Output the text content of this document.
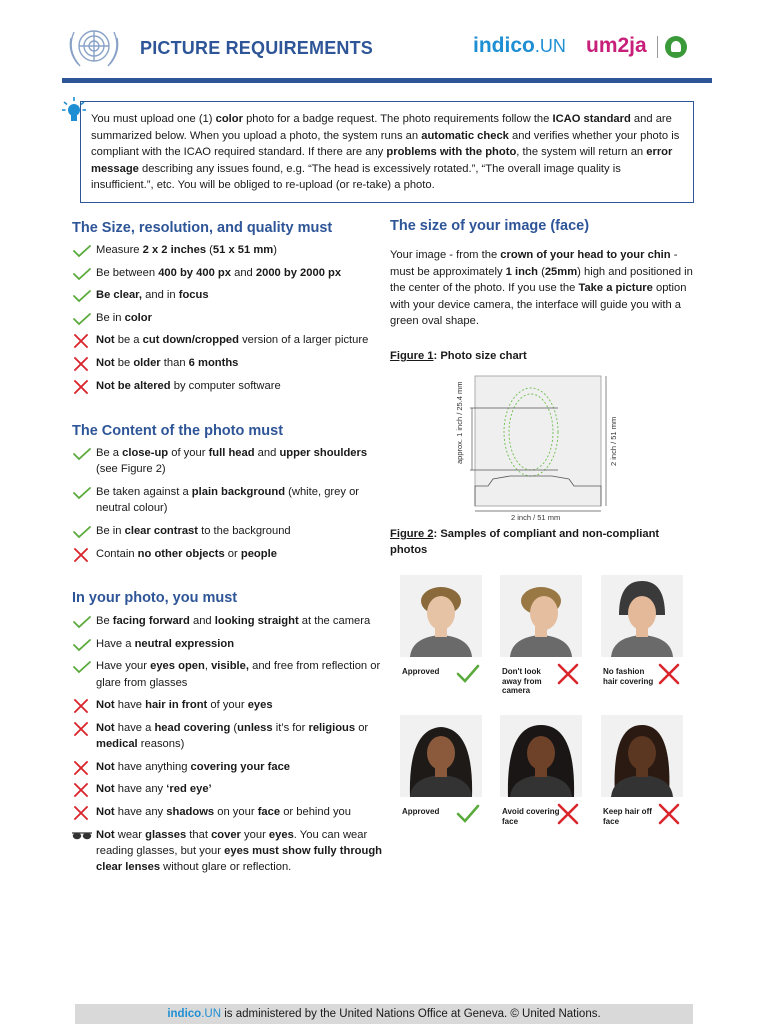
PICTURE REQUIREMENTS	indico.UN um2ja

You must upload one (1) color photo for a badge request. The photo requirements follow the ICAO standard and are summarized below. When you upload a photo, the system runs an automatic check and verifies whether your photo is compliant with the ICAO required standard. If there are any problems with the photo, the system will return an error message describing any issues found, e.g. “The head is excessively rotated.”, “The overall image quality is insufficient.”, etc. You will be obliged to re-upload (or re-take) a photo.

The Size, resolution, and quality must
Measure 2 x 2 inches (51 x 51 mm)
Be between 400 by 400 px and 2000 by 2000 px
Be clear, and in focus
Be in color
Not be a cut down/cropped version of a larger picture
Not be older than 6 months
Not be altered by computer software
The Content of the photo must
Be a close-up of your full head and upper shoulders (see Figure 2)
Be taken against a plain background (white, grey or neutral colour)
Be in clear contrast to the background
Contain no other objects or people
In your photo, you must
Be facing forward and looking straight at the camera
Have a neutral expression
Have your eyes open, visible, and free from reflection or glare from glasses
Not have hair in front of your eyes
Not have a head covering (unless it’s for religious or medical reasons)
Not have anything covering your face
Not have any ‘red eye’
Not have any shadows on your face or behind you
Not wear glasses that cover your eyes. You can wear reading glasses, but your eyes must show fully through clear lenses without glare or reflection.
The size of your image (face)

Your image - from the crown of your head to your chin - must be approximately 1 inch (25mm) high and positioned in the center of the photo. If you use the Take a picture option with your device camera, the interface will guide you with a green oval shape.

Figure 1: Photo size chart

approx. 1 inch / 25.4 mm	2 inch / 51 mm
2 inch / 51 mm

Figure 2: Samples of compliant and non-compliant photos

Approved	Don't look away from camera
No fashion hair covering
Approved	Avoid covering face
Keep hair off face
indico.UN is administered by the United Nations Office at Geneva. © United Nations.
